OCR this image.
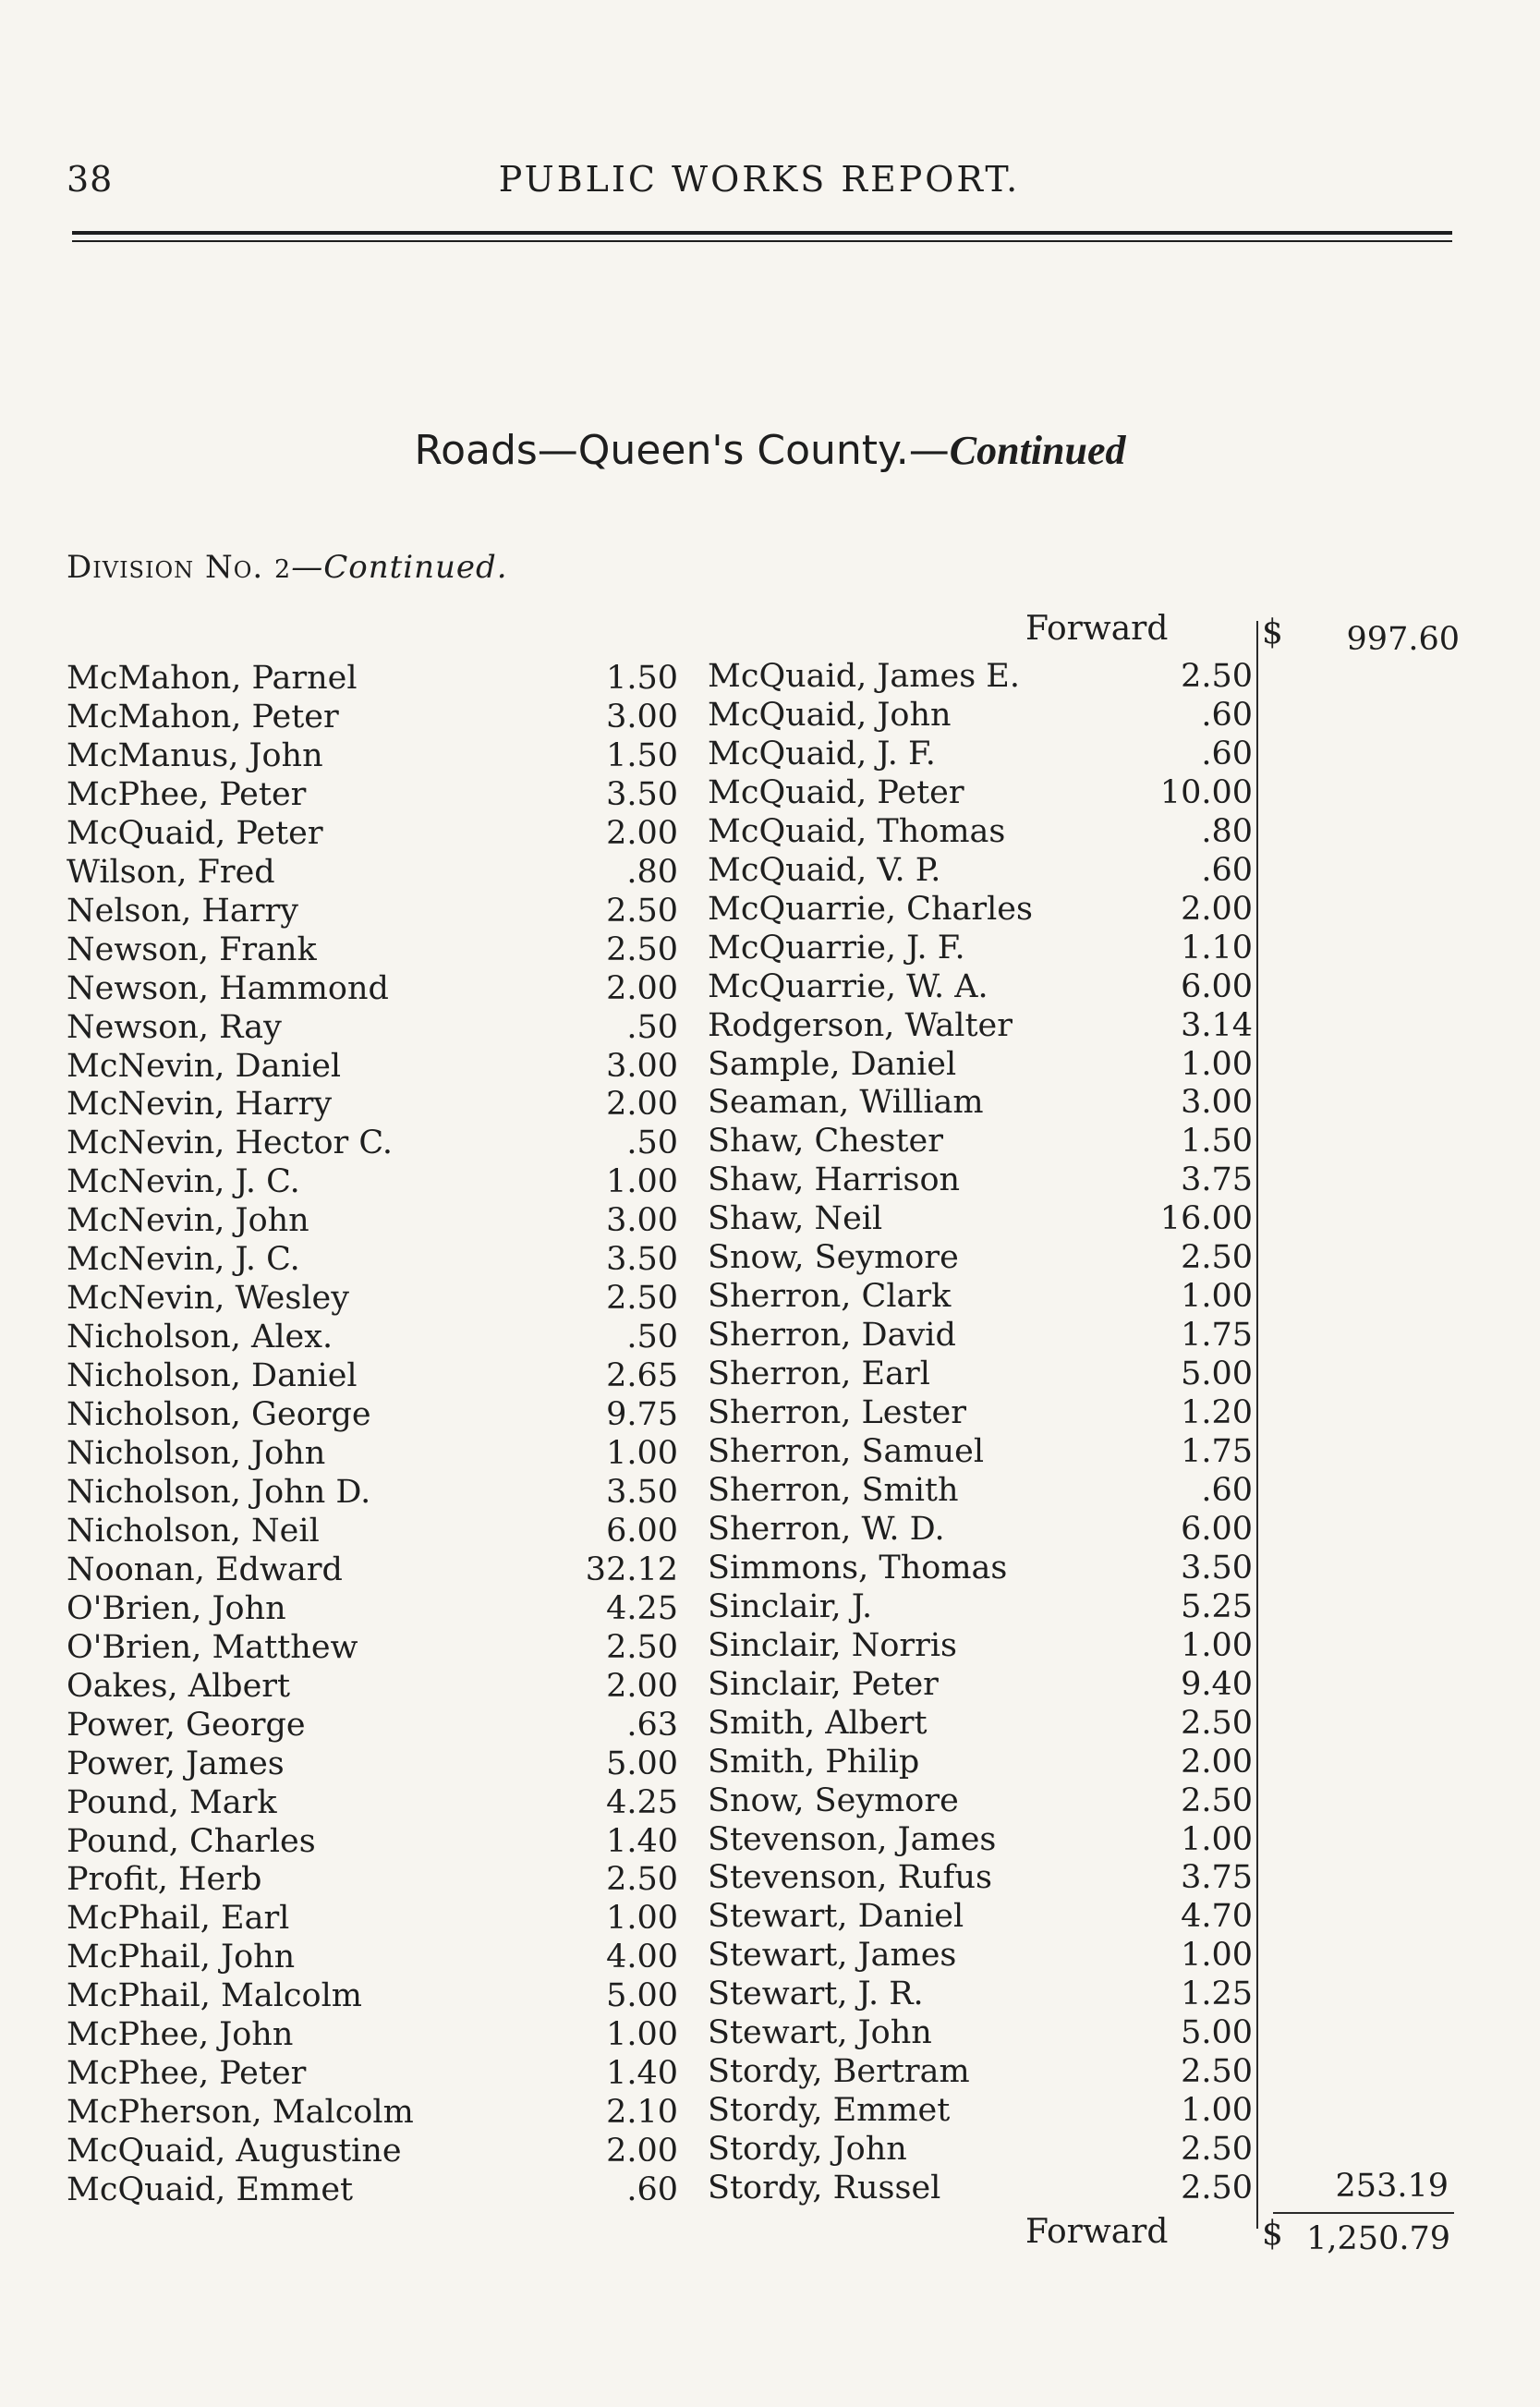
38	PUBLIC WORKS REPORT.
Roads—Queen's County.—Continued
Division No. 2—Continued.
Forward	$	997.60
McMahon, Parnel	1.50
McMahon, Peter	3.00
McManus, John	1.50
McPhee, Peter	3.50
McQuaid, Peter	2.00
Wilson, Fred	.80
Nelson, Harry	2.50
Newson, Frank	2.50
Newson, Hammond	2.00
Newson, Ray	.50
McNevin, Daniel	3.00
McNevin, Harry	2.00
McNevin, Hector C.	.50
McNevin, J. C.	1.00
McNevin, John	3.00
McNevin, J. C.	3.50
McNevin, Wesley	2.50
Nicholson, Alex.	.50
Nicholson, Daniel	2.65
Nicholson, George	9.75
Nicholson, John	1.00
Nicholson, John D.	3.50
Nicholson, Neil	6.00
Noonan, Edward	32.12
O'Brien, John	4.25
O'Brien, Matthew	2.50
Oakes, Albert	2.00
Power, George	.63
Power, James	5.00
Pound, Mark	4.25
Pound, Charles	1.40
Profit, Herb	2.50
McPhail, Earl	1.00
McPhail, John	4.00
McPhail, Malcolm	5.00
McPhee, John	1.00
McPhee, Peter	1.40
McPherson, Malcolm	2.10
McQuaid, Augustine	2.00
McQuaid, Emmet	.60
McQuaid, James E.	2.50
McQuaid, John	.60
McQuaid, J. F.	.60
McQuaid, Peter	10.00
McQuaid, Thomas	.80
McQuaid, V. P.	.60
McQuarrie, Charles	2.00
McQuarrie, J. F.	1.10
McQuarrie, W. A.	6.00
Rodgerson, Walter	3.14
Sample, Daniel	1.00
Seaman, William	3.00
Shaw, Chester	1.50
Shaw, Harrison	3.75
Shaw, Neil	16.00
Snow, Seymore	2.50
Sherron, Clark	1.00
Sherron, David	1.75
Sherron, Earl	5.00
Sherron, Lester	1.20
Sherron, Samuel	1.75
Sherron, Smith	.60
Sherron, W. D.	6.00
Simmons, Thomas	3.50
Sinclair, J.	5.25
Sinclair, Norris	1.00
Sinclair, Peter	9.40
Smith, Albert	2.50
Smith, Philip	2.00
Snow, Seymore	2.50
Stevenson, James	1.00
Stevenson, Rufus	3.75
Stewart, Daniel	4.70
Stewart, James	1.00
Stewart, J. R.	1.25
Stewart, John	5.00
Stordy, Bertram	2.50
Stordy, Emmet	1.00
Stordy, John	2.50
Stordy, Russel	2.50	253.19
Forward	$ 1,250.79
